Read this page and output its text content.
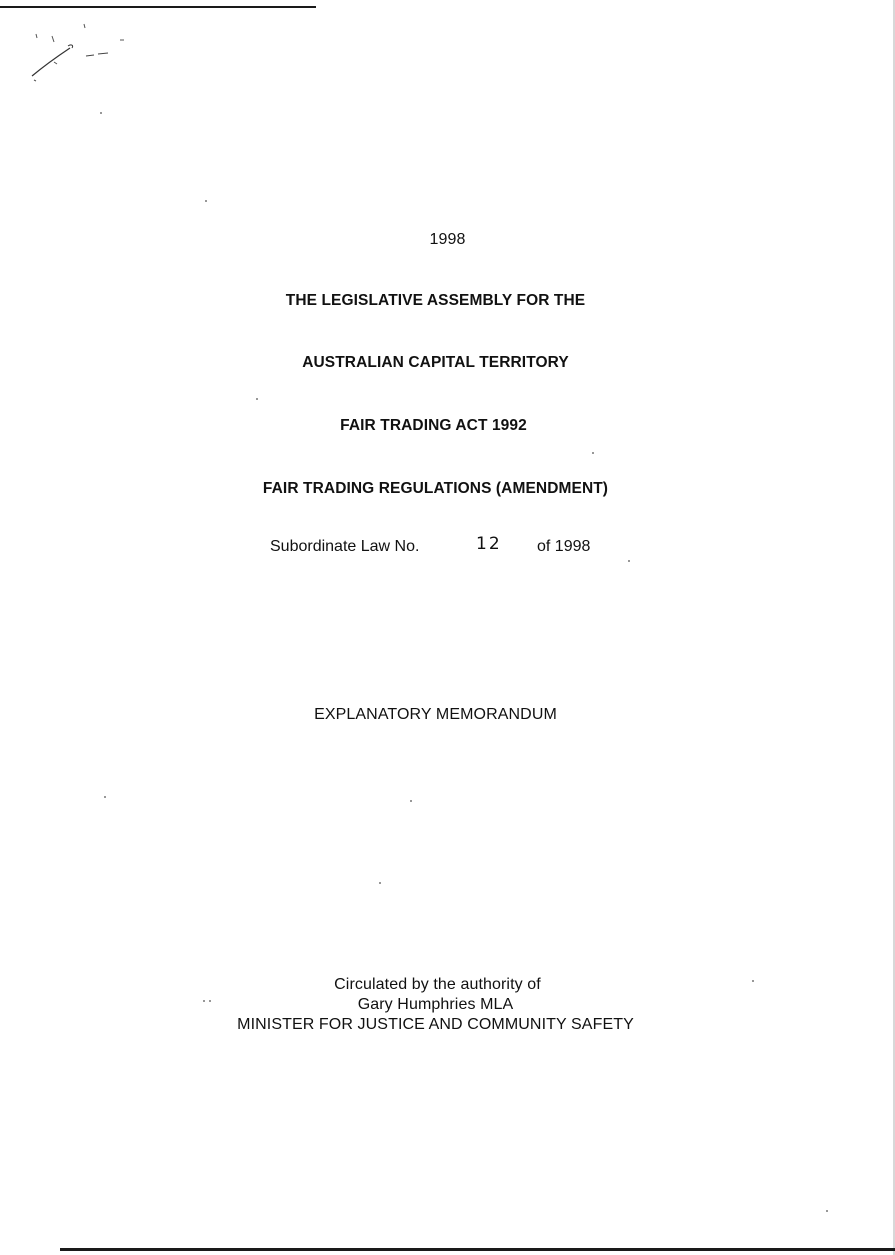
1998
THE LEGISLATIVE ASSEMBLY FOR THE
AUSTRALIAN CAPITAL TERRITORY
FAIR TRADING ACT 1992
FAIR TRADING REGULATIONS (AMENDMENT)
Subordinate Law No.	12 of 1998
EXPLANATORY MEMORANDUM
Circulated by the authority of
Gary Humphries MLA
MINISTER FOR JUSTICE AND COMMUNITY SAFETY
